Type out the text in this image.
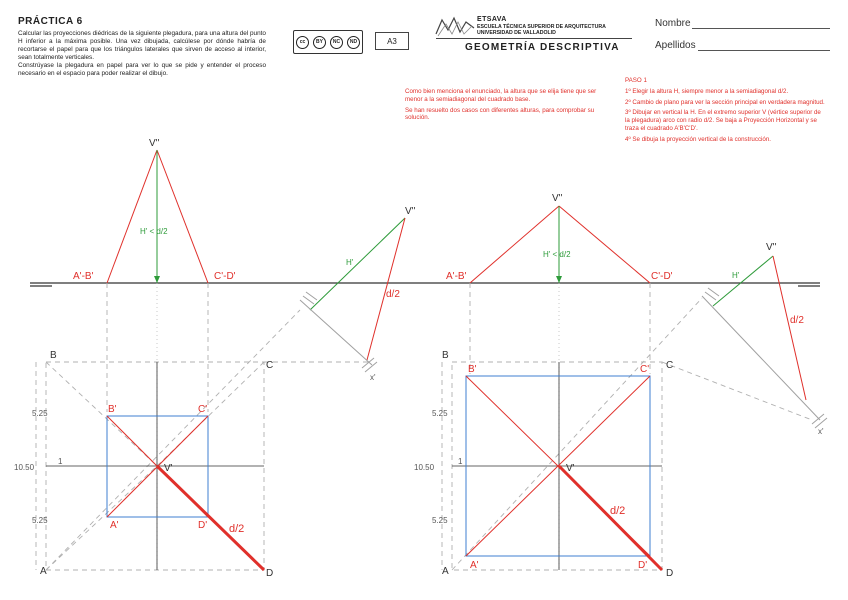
PRÁCTICA 6

Calcular las proyecciones diédricas de la siguiente plegadura, para una altura del punto H inferior a la máxima posible. Una vez dibujada, calcúlese por dónde habría de recortarse el papel para que los triángulos laterales que sirven de acceso al interior, sean totalmente verticales.

Constrúyase la plegadura en papel para ver lo que se pide y entender el proceso necesario en el espacio para poder realizar el dibujo.

cc	BY	NC	ND	A3
ETSAVA
ESCUELA TÉCNICA SUPERIOR DE ARQUITECTURA
UNIVERSIDAD DE VALLADOLID
GEOMETRÍA DESCRIPTIVA
Nombre
Apellidos

Como bien menciona el enunciado, la altura que se elija tiene que ser menor a la semiadiagonal del cuadrado base.

Se han resuelto dos casos con diferentes alturas, para comprobar su solución.

PASO 1

1º Elegir la altura H, siempre menor a la semiadiagonal d/2.

2º Cambio de plano para ver la sección principal en verdadera magnitud.

3º Dibujar en vertical la H. En el extremo superior V (vértice superior de la plegadura) arco con radio d/2. Se baja a Proyección Horizontal y se traza el cuadrado A'B'C'D'.

4º Se dibuja la proyección vertical de la construcción.

V''
H' < d/2
A'-B'	C'-D'
V''
H'
d/2
x'
5.25
10.50
5.25
1
B
C
A	D
B'	C'
A'	D'
V'
d/2
V''
H' < d/2
A'-B'	C'-D'
V''
H'
d/2
x'
5.25
10.50
5.25
1
B
C
A	D
B'	C'
A'	D'
V'
d/2
